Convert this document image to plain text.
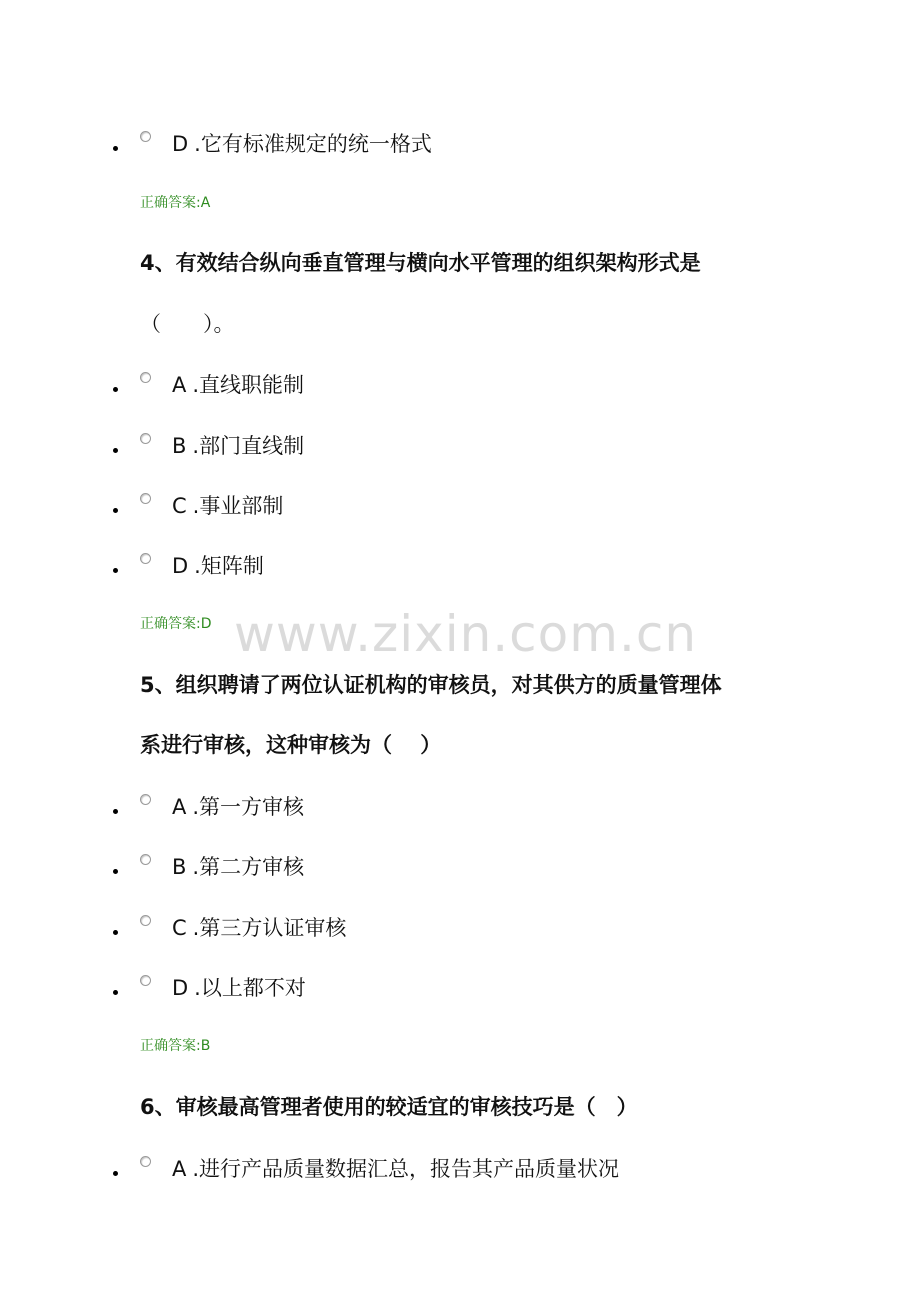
D .它有标准规定的统一格式
正确答案:A
4、有效结合纵向垂直管理与横向水平管理的组织架构形式是
（　　）。
A .直线职能制
B .部门直线制
C .事业部制
D .矩阵制
正确答案:D www.zixin.com.cn
5、组织聘请了两位认证机构的审核员，对其供方的质量管理体
系进行审核，这种审核为（　 ）
A .第一方审核
B .第二方审核
C .第三方认证审核
D .以上都不对
正确答案:B
6、审核最高管理者使用的较适宜的审核技巧是（　）
A .进行产品质量数据汇总，报告其产品质量状况
